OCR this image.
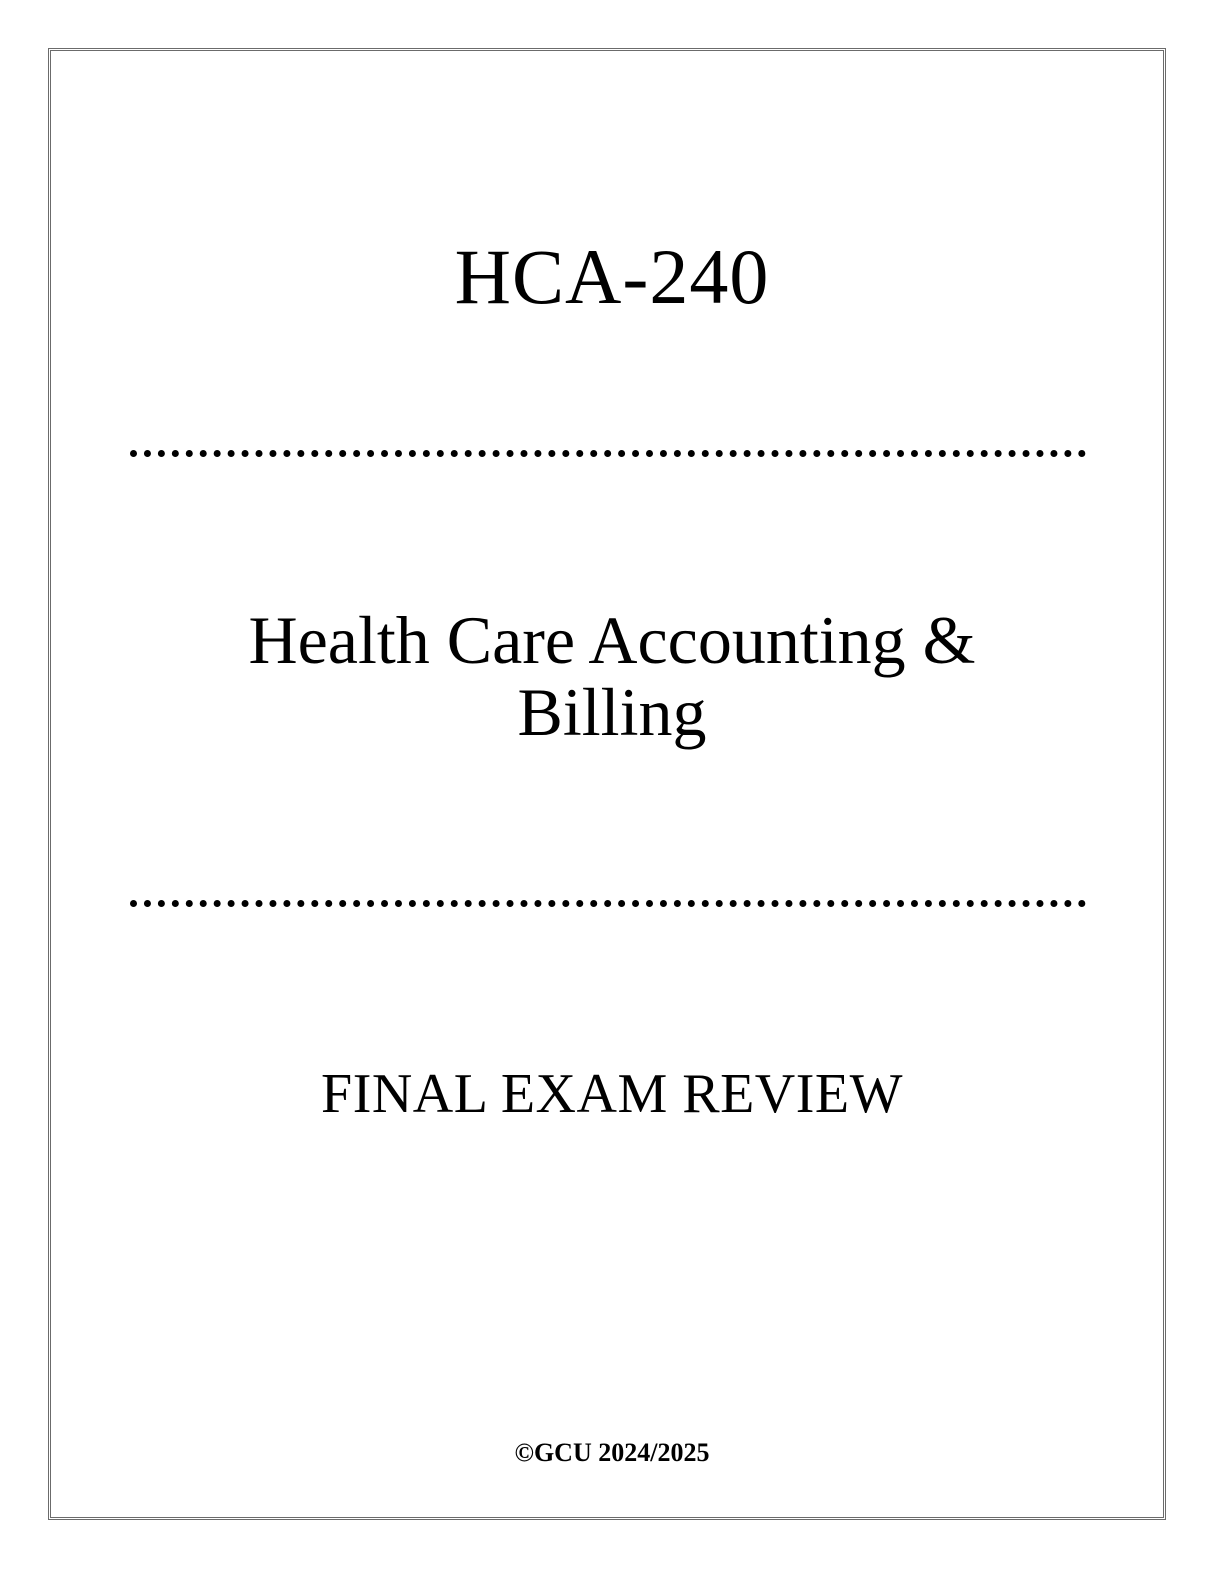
HCA-240
Health Care Accounting &
Billing
FINAL EXAM REVIEW
©GCU 2024/2025
